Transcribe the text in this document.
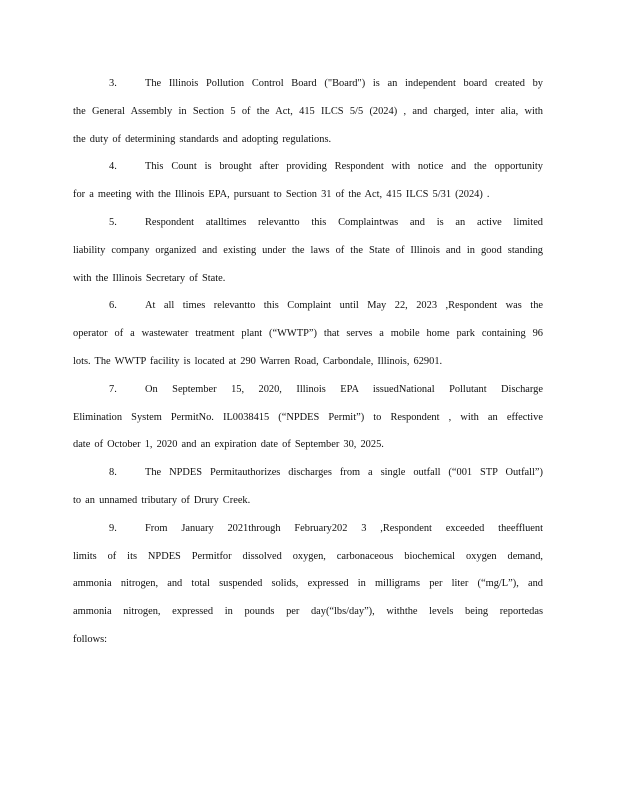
3.	The Illinois Pollution Control Board ("Board") is an independent board created by
the General Assembly in Section 5 of the Act, 415 ILCS 5/5 (2024) , and charged, inter alia, with
the duty of determining standards and adopting regulations.
4.	This Count is brought after providing Respondent with notice and the opportunity
for a meeting with the Illinois EPA, pursuant to Section 31 of the Act, 415 ILCS 5/31 (2024) .
5.	Respondent atalltimes relevantto this Complaintwas and is an active limited
liability company organized and existing under the laws of the State of Illinois and in good standing
with the Illinois Secretary of State.
6.	At all times relevantto this Complaint until May 22, 2023 ,Respondent was the
operator of a wastewater treatment plant (“WWTP”) that serves a mobile home park containing 96
lots. The WWTP facility is located at 290 Warren Road, Carbondale, Illinois, 62901.
7.	On September 15, 2020, Illinois EPA issuedNational Pollutant Discharge
Elimination System PermitNo. IL0038415 (“NPDES Permit”) to Respondent , with an effective
date of October 1, 2020 and an expiration date of September 30, 2025.
8.	The NPDES Permitauthorizes discharges from a single outfall (“001 STP Outfall”)
to an unnamed tributary of Drury Creek.
9.	From January 2021through February202 3 ,Respondent exceeded theeffluent
limits of its NPDES Permitfor dissolved oxygen, carbonaceous biochemical oxygen demand,
ammonia nitrogen, and total suspended solids, expressed in milligrams per liter (“mg/L”), and
ammonia nitrogen, expressed in pounds per day(“lbs/day”), withthe levels being reportedas
follows:
